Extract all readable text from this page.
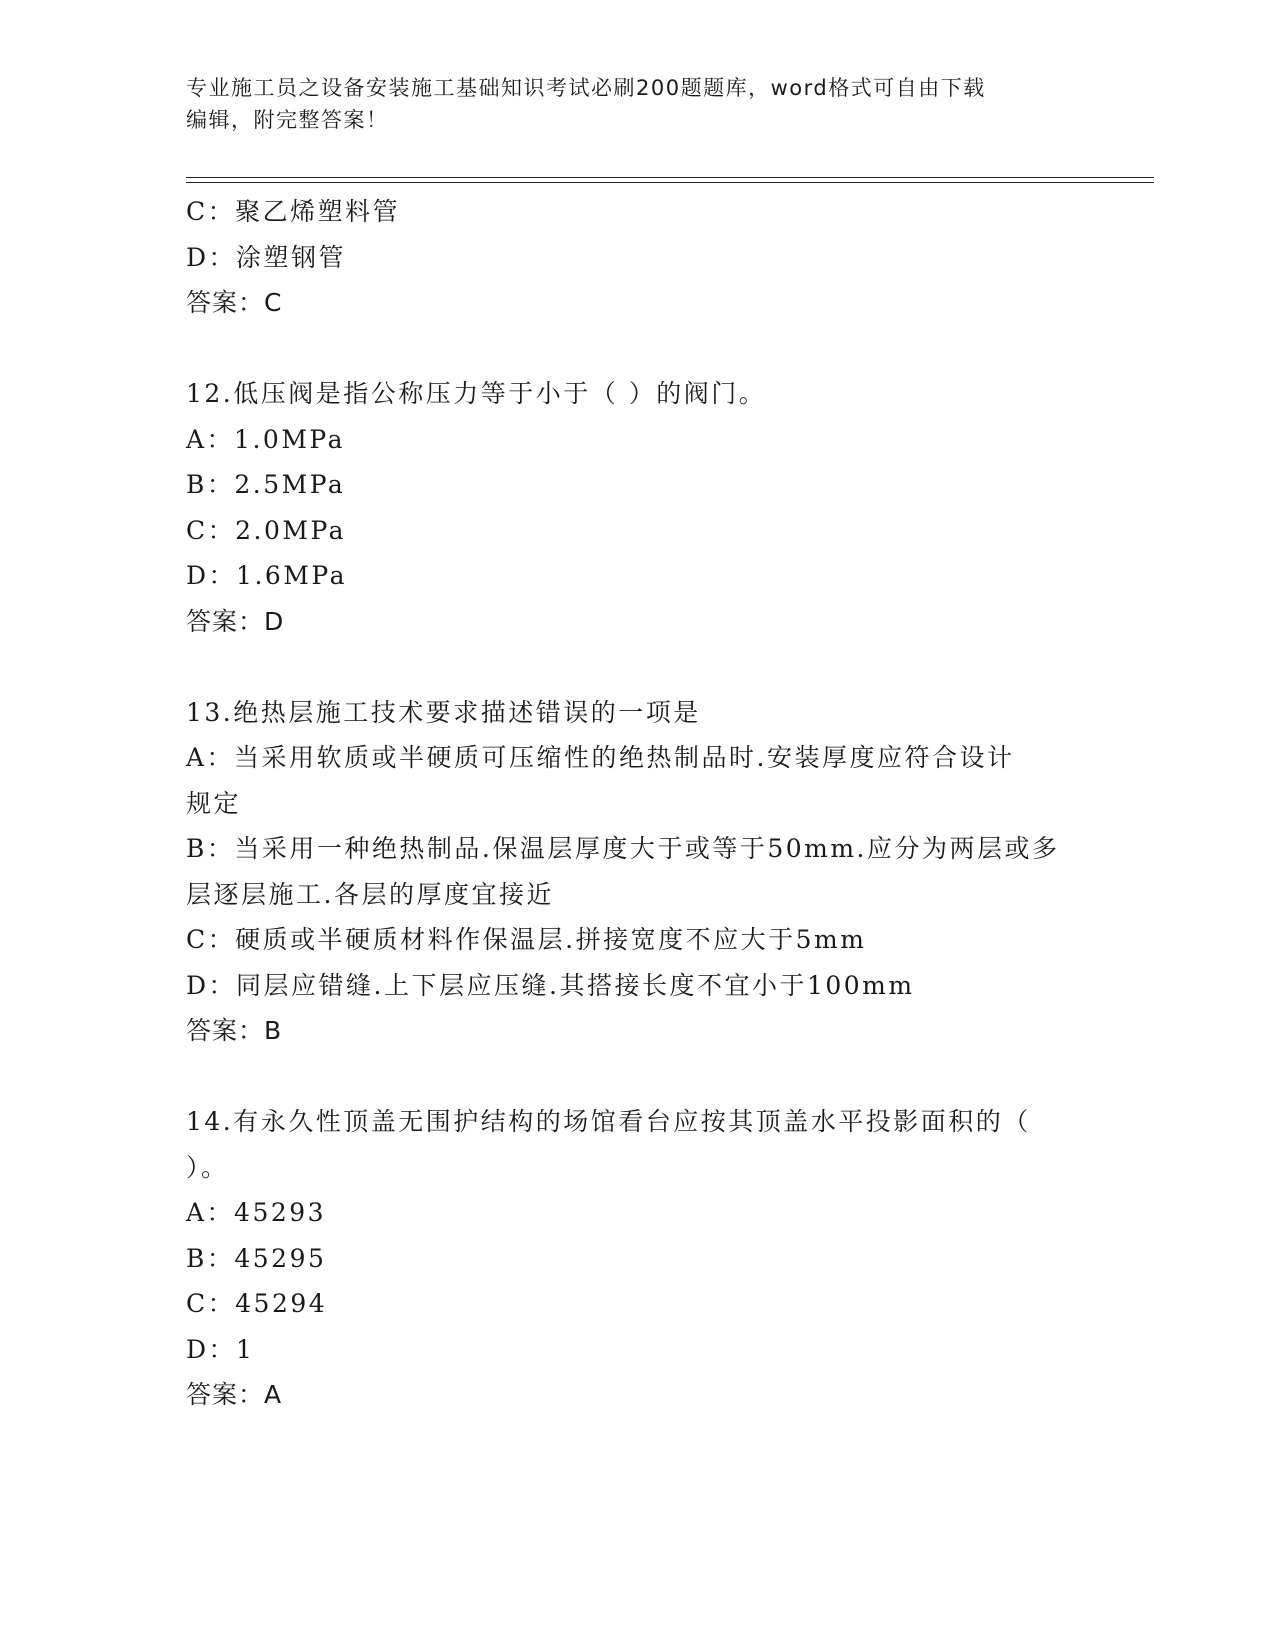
专业施工员之设备安装施工基础知识考试必刷200题题库，word格式可自由下载
编辑，附完整答案！
C：聚乙烯塑料管
D：涂塑钢管
答案：C
12.低压阀是指公称压力等于小于（ ）的阀门。
A：1.0MPa
B：2.5MPa
C：2.0MPa
D：1.6MPa
答案：D
13.绝热层施工技术要求描述错误的一项是
A：当采用软质或半硬质可压缩性的绝热制品时.安装厚度应符合设计
规定
B：当采用一种绝热制品.保温层厚度大于或等于50mm.应分为两层或多
层逐层施工.各层的厚度宜接近
C：硬质或半硬质材料作保温层.拼接宽度不应大于5mm
D：同层应错缝.上下层应压缝.其搭接长度不宜小于100mm
答案：B
14.有永久性顶盖无围护结构的场馆看台应按其顶盖水平投影面积的（
）。
A：45293
B：45295
C：45294
D：1
答案：A
